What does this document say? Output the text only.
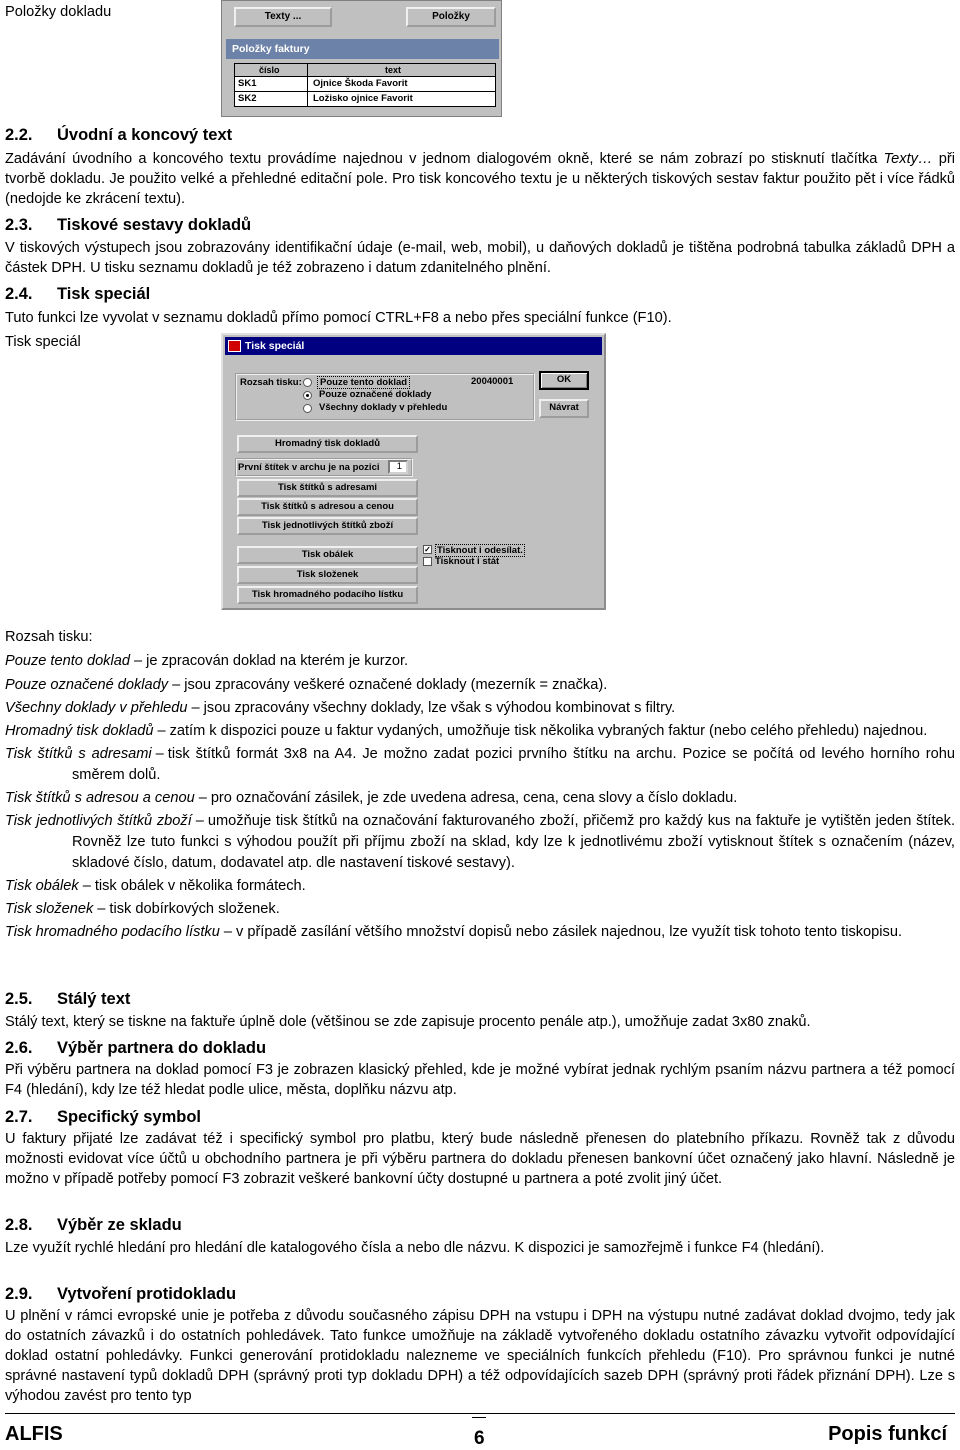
Položky dokladu	Texty ...	Položky
Položky faktury
číslo	text
SK1	Ojnice Škoda Favorit
SK2	Ložisko ojnice Favorit
2.2. Úvodní a koncový text
Zadávání úvodního a koncového textu provádíme najednou v jednom dialogovém okně, které se nám zobrazí po stisknutí tlačítka Texty… při tvorbě dokladu. Je použito velké a přehledné editační pole. Pro tisk koncového textu je u některých tiskových sestav faktur použito pět i více řádků (nedojde ke zkrácení textu).
2.3. Tiskové sestavy dokladů
V tiskových výstupech jsou zobrazovány identifikační údaje (e-mail, web, mobil), u daňových dokladů je tištěna podrobná tabulka základů DPH a částek DPH. U tisku seznamu dokladů je též zobrazeno i datum zdanitelného plnění.
2.4. Tisk speciál
Tuto funkci lze vyvolat v seznamu dokladů přímo pomocí CTRL+F8 a nebo přes speciální funkce (F10).
Tisk speciál	Tisk speciál
Rozsah tisku:	Pouze tento doklad	20040001
Pouze označené doklady
Všechny doklady v přehledu
OK
Návrat
Hromadný tisk dokladů
První štítek v archu je na pozici	1
Tisk štítků s adresami
Tisk štítků s adresou a cenou
Tisk jednotlivých štítků zboží
Tisk obálek	✓ Tisknout i odesílat.
Tisknout i stát
Tisk složenek
Tisk hromadného podacího lístku
Rozsah tisku:
Pouze tento doklad – je zpracován doklad na kterém je kurzor.
Pouze označené doklady – jsou zpracovány veškeré označené doklady (mezerník = značka).
Všechny doklady v přehledu – jsou zpracovány všechny doklady, lze však s výhodou kombinovat s filtry.
Hromadný tisk dokladů – zatím k dispozici pouze u faktur vydaných, umožňuje tisk několika vybraných faktur (nebo celého přehledu) najednou.
Tisk štítků s adresami – tisk štítků formát 3x8 na A4. Je možno zadat pozici prvního štítku na archu. Pozice se počítá od levého horního rohu směrem dolů.
Tisk štítků s adresou a cenou – pro označování zásilek, je zde uvedena adresa, cena, cena slovy a číslo dokladu.
Tisk jednotlivých štítků zboží – umožňuje tisk štítků na označování fakturovaného zboží, přičemž pro každý kus na faktuře je vytištěn jeden štítek. Rovněž lze tuto funkci s výhodou použít při příjmu zboží na sklad, kdy lze k jednotlivému zboží vytisknout štítek s označením (název, skladové číslo, datum, dodavatel atp. dle nastavení tiskové sestavy).
Tisk obálek – tisk obálek v několika formátech.
Tisk složenek – tisk dobírkových složenek.
Tisk hromadného podacího lístku – v případě zasílání většího množství dopisů nebo zásilek najednou, lze využít tisk tohoto tento tiskopisu.
2.5. Stálý text
Stálý text, který se tiskne na faktuře úplně dole (většinou se zde zapisuje procento penále atp.), umožňuje zadat 3x80 znaků.
2.6. Výběr partnera do dokladu
Při výběru partnera na doklad pomocí F3 je zobrazen klasický přehled, kde je možné vybírat jednak rychlým psaním názvu partnera a též pomocí F4 (hledání), kdy lze též hledat podle ulice, města, doplňku názvu atp.
2.7. Specifický symbol
U faktury přijaté lze zadávat též i specifický symbol pro platbu, který bude následně přenesen do platebního příkazu. Rovněž tak z důvodu možnosti evidovat více účtů u obchodního partnera je při výběru partnera do dokladu přenesen bankovní účet označený jako hlavní. Následně je možno v případě potřeby pomocí F3 zobrazit veškeré bankovní účty dostupné u partnera a poté zvolit jiný účet.
2.8. Výběr ze skladu
Lze využít rychlé hledání pro hledání dle katalogového čísla a nebo dle názvu. K dispozici je samozřejmě i funkce F4 (hledání).
2.9. Vytvoření protidokladu
U plnění v rámci evropské unie je potřeba z důvodu současného zápisu DPH na vstupu i DPH na výstupu nutné zadávat doklad dvojmo, tedy jak do ostatních závazků i do ostatních pohledávek. Tato funkce umožňuje na základě vytvořeného dokladu ostatního závazku vytvořit odpovídající doklad ostatní pohledávky. Funkci generování protidokladu nalezneme ve speciálních funkcích přehledu (F10). Pro správnou funkci je nutné správné nastavení typů dokladů DPH (správný proti typ dokladu DPH) a též odpovídajících sazeb DPH (správný proti řádek přiznání DPH). Lze s výhodou zavést pro tento typ
ALFIS	6	Popis funkcí
